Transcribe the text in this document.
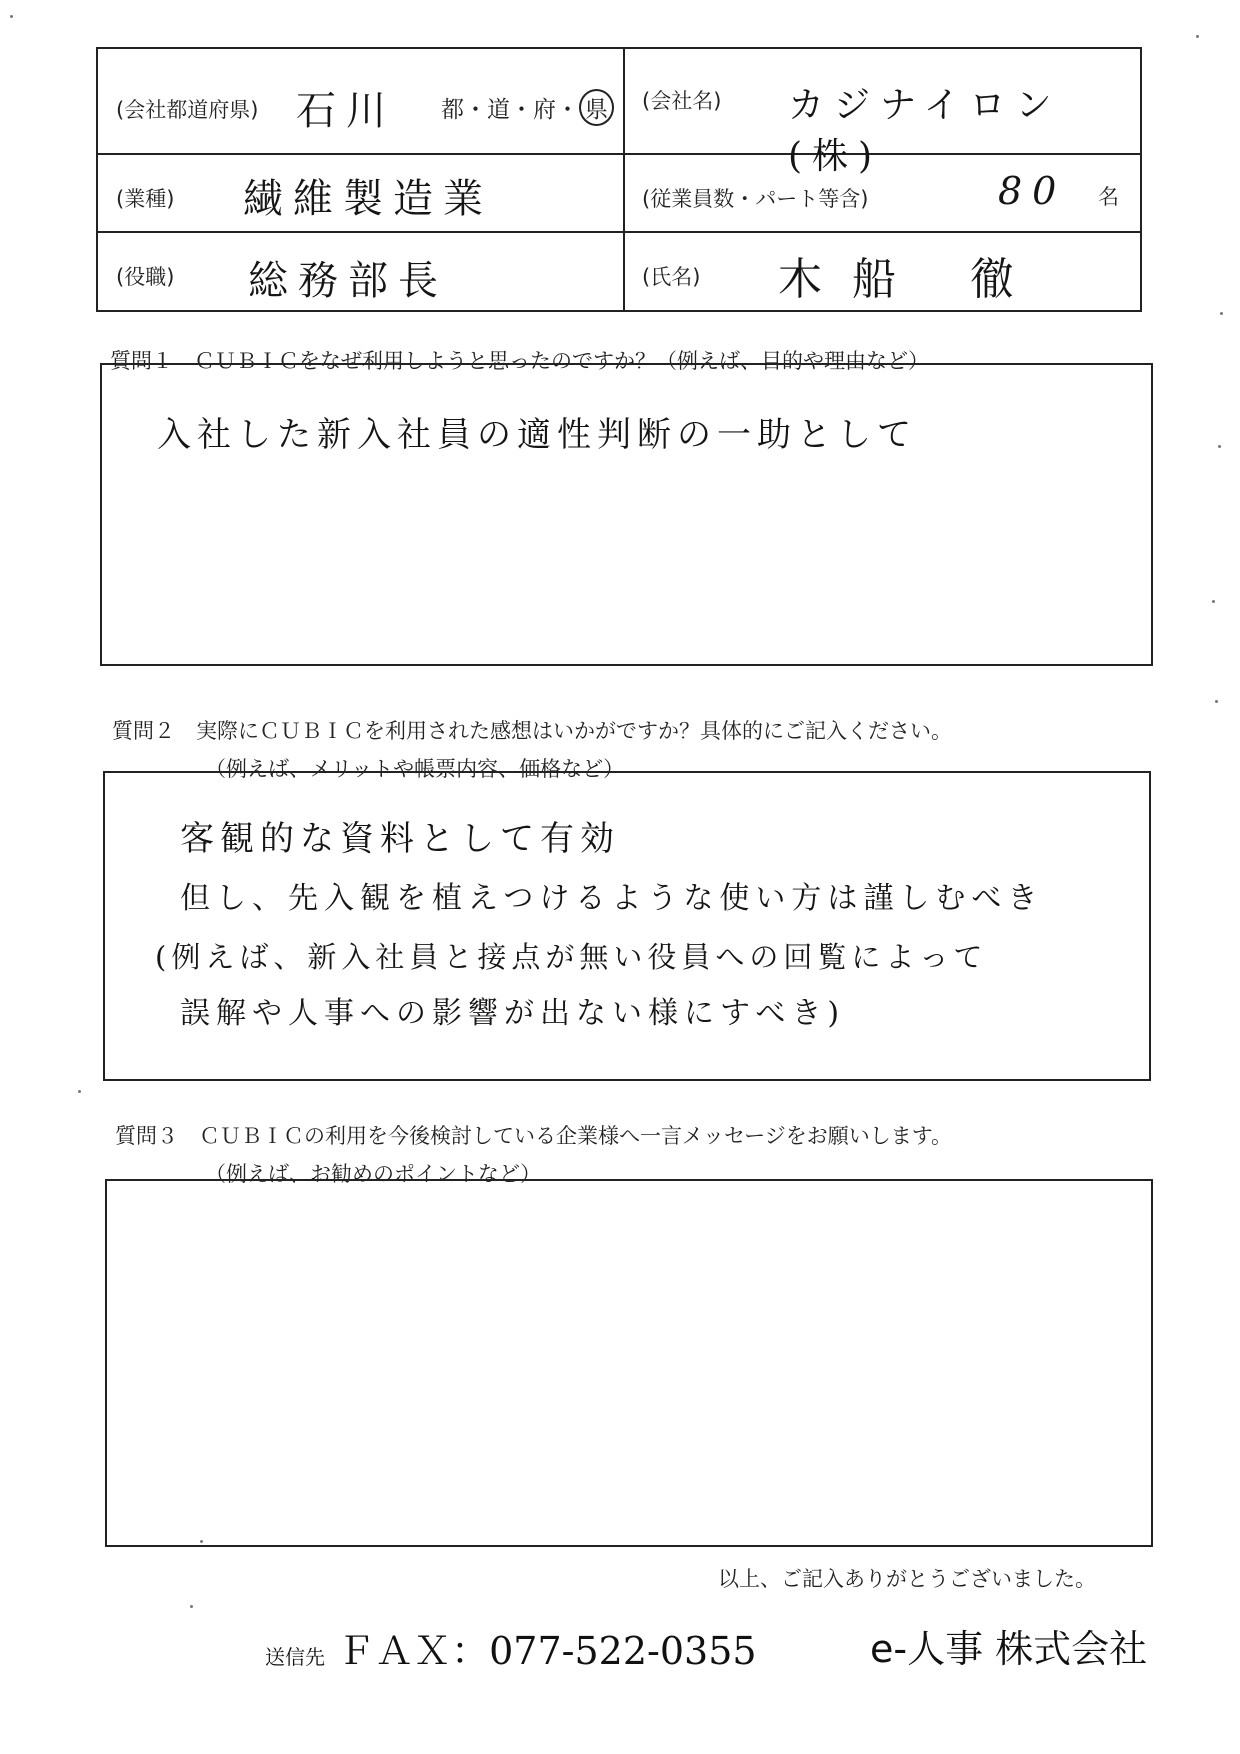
(会社都道府県) 石川 都・道・府・ 県 (会社名) カジナイロン(株)
(業種) 繊維製造業	(従業員数・パート等含)	80 名
(役職) 総務部長	(氏名) 木船 徹
質問１　ＣＵＢＩＣをなぜ利用しようと思ったのですか？（例えば、目的や理由など）
入社した新入社員の適性判断の一助として
質問２　実際にＣＵＢＩＣを利用された感想はいかがですか？具体的にご記入ください。
（例えば、メリットや帳票内容、価格など）
客観的な資料として有効
但し、先入観を植えつけるような使い方は謹しむべき
(例えば、新入社員と接点が無い役員への回覧によって
誤解や人事への影響が出ない様にすべき)
質問３　ＣＵＢＩＣの利用を今後検討している企業様へ一言メッセージをお願いします。
（例えば、お勧めのポイントなど）
以上、ご記入ありがとうございました。
送信先 ＦＡＸ：077-522-0355	e-人事 株式会社
